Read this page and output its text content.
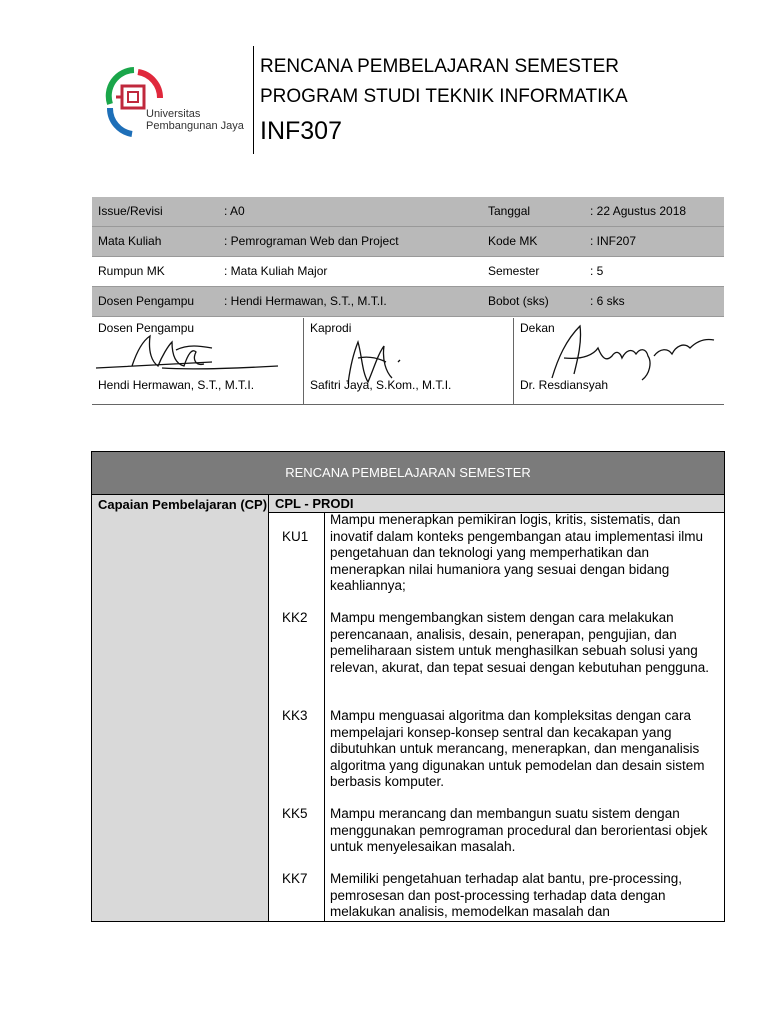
Universitas
Pembangunan Jaya
RENCANA PEMBELAJARAN SEMESTER
PROGRAM STUDI TEKNIK INFORMATIKA
INF307
Issue/Revisi	: A0	Tanggal	: 22 Agustus 2018
Mata Kuliah	: Pemrograman Web dan Project	Kode MK	: INF207
Rumpun MK	: Mata Kuliah Major	Semester	: 5
Dosen Pengampu : Hendi Hermawan, S.T., M.T.I.	Bobot (sks)	: 6 sks
Dosen Pengampu
Hendi Hermawan, S.T., M.T.I.
Kaprodi
Safitri Jaya, S.Kom., M.T.I.
Dekan
Dr. Resdiansyah
RENCANA PEMBELAJARAN SEMESTER
Capaian Pembelajaran (CP) CPL - PRODI
KU1
Mampu menerapkan pemikiran logis, kritis, sistematis, dan inovatif dalam konteks pengembangan atau implementasi ilmu pengetahuan dan teknologi yang memperhatikan dan menerapkan nilai humaniora yang sesuai dengan bidang keahliannya;
KK2 Mampu mengembangkan sistem dengan cara melakukan perencanaan, analisis, desain, penerapan, pengujian, dan pemeliharaan sistem untuk menghasilkan sebuah solusi yang relevan, akurat, dan tepat sesuai dengan kebutuhan pengguna.
KK3 Mampu menguasai algoritma dan kompleksitas dengan cara mempelajari konsep-konsep sentral dan kecakapan yang dibutuhkan untuk merancang, menerapkan, dan menganalisis algoritma yang digunakan untuk pemodelan dan desain sistem berbasis komputer.
KK5 Mampu merancang dan membangun suatu sistem dengan menggunakan pemrograman procedural dan berorientasi objek untuk menyelesaikan masalah.
KK7 Memiliki pengetahuan terhadap alat bantu, pre-processing, pemrosesan dan post-processing terhadap data dengan melakukan analisis, memodelkan masalah dan
